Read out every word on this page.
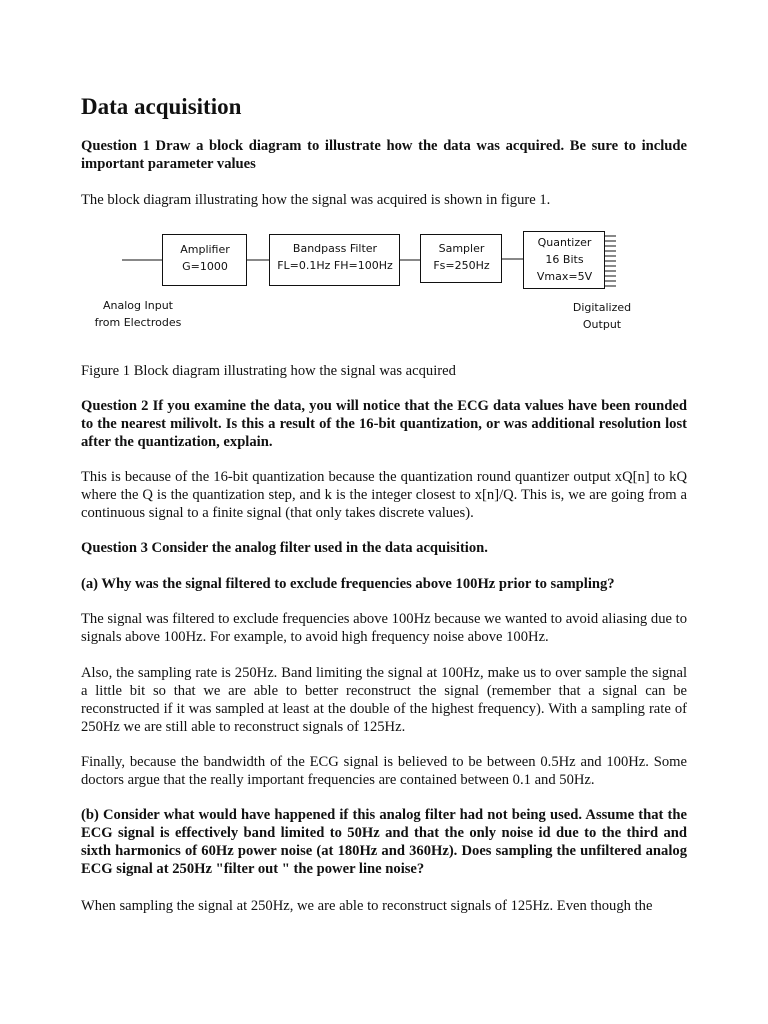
Data acquisition

Question 1 Draw a block diagram to illustrate how the data was acquired. Be sure to include important parameter values

The block diagram illustrating how the signal was acquired is shown in figure 1.

Figure 1 Block diagram illustrating how the signal was acquired

Question 2 If you examine the data, you will notice that the ECG data values have been rounded to the nearest milivolt. Is this a result of the 16-bit quantization, or was additional resolution lost after the quantization, explain.

This is because of the 16-bit quantization because the quantization round quantizer output xQ[n] to kQ where the Q is the quantization step, and k is the integer closest to x[n]/Q. This is, we are going from a continuous signal to a finite signal (that only takes discrete values).

Question 3 Consider the analog filter used in the data acquisition.

(a) Why was the signal filtered to exclude frequencies above 100Hz prior to sampling?

The signal was filtered to exclude frequencies above 100Hz because we wanted to avoid aliasing due to signals above 100Hz. For example, to avoid high frequency noise above 100Hz.

Also, the sampling rate is 250Hz. Band limiting the signal at 100Hz, make us to over sample the signal a little bit so that we are able to better reconstruct the signal (remember that a signal can be reconstructed if it was sampled at least at the double of the highest frequency). With a sampling rate of 250Hz we are still able to reconstruct signals of 125Hz.

Finally, because the bandwidth of the ECG signal is believed to be between 0.5Hz and 100Hz. Some doctors argue that the really important frequencies are contained between 0.1 and 50Hz.

(b) Consider what would have happened if this analog filter had not being used. Assume that the ECG signal is effectively band limited to 50Hz and that the only noise id due to the third and sixth harmonics of 60Hz power noise (at 180Hz and 360Hz). Does sampling the unfiltered analog ECG signal at 250Hz "filter out " the power line noise?

When sampling the signal at 250Hz, we are able to reconstruct signals of 125Hz. Even though the

Amplifier
G=1000
Bandpass Filter
FL=0.1Hz FH=100Hz
Sampler
Fs=250Hz
Quantizer
16 Bits
Vmax=5V
Analog Input
from Electrodes
Digitalized
Output
